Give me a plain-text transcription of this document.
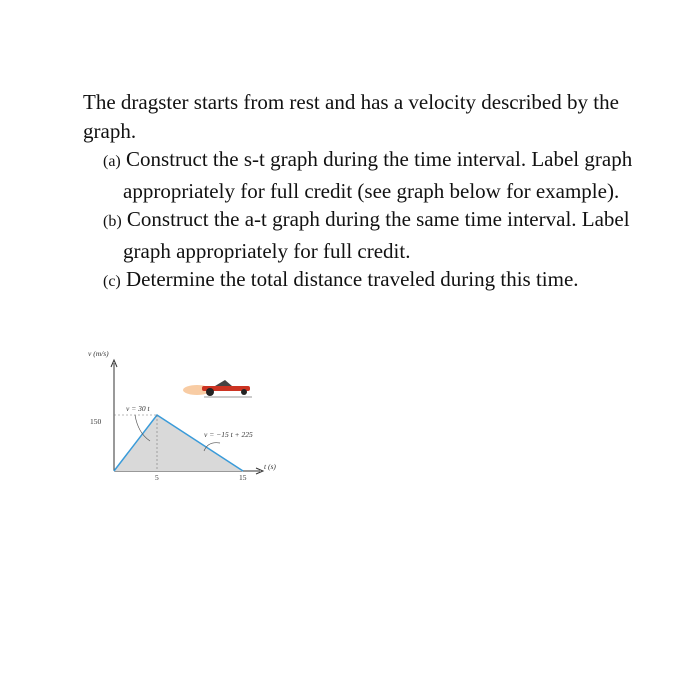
The dragster starts from rest and has a velocity described by the graph.

(a) Construct the s-t graph during the time interval. Label graph appropriately for full credit (see graph below for example).

(b) Construct the a-t graph during the same time interval. Label graph appropriately for full credit.

(c) Determine the total distance traveled during this time.

v (m/s)
150
v = 30 t
v = −15 t + 225
5	15
t (s)
